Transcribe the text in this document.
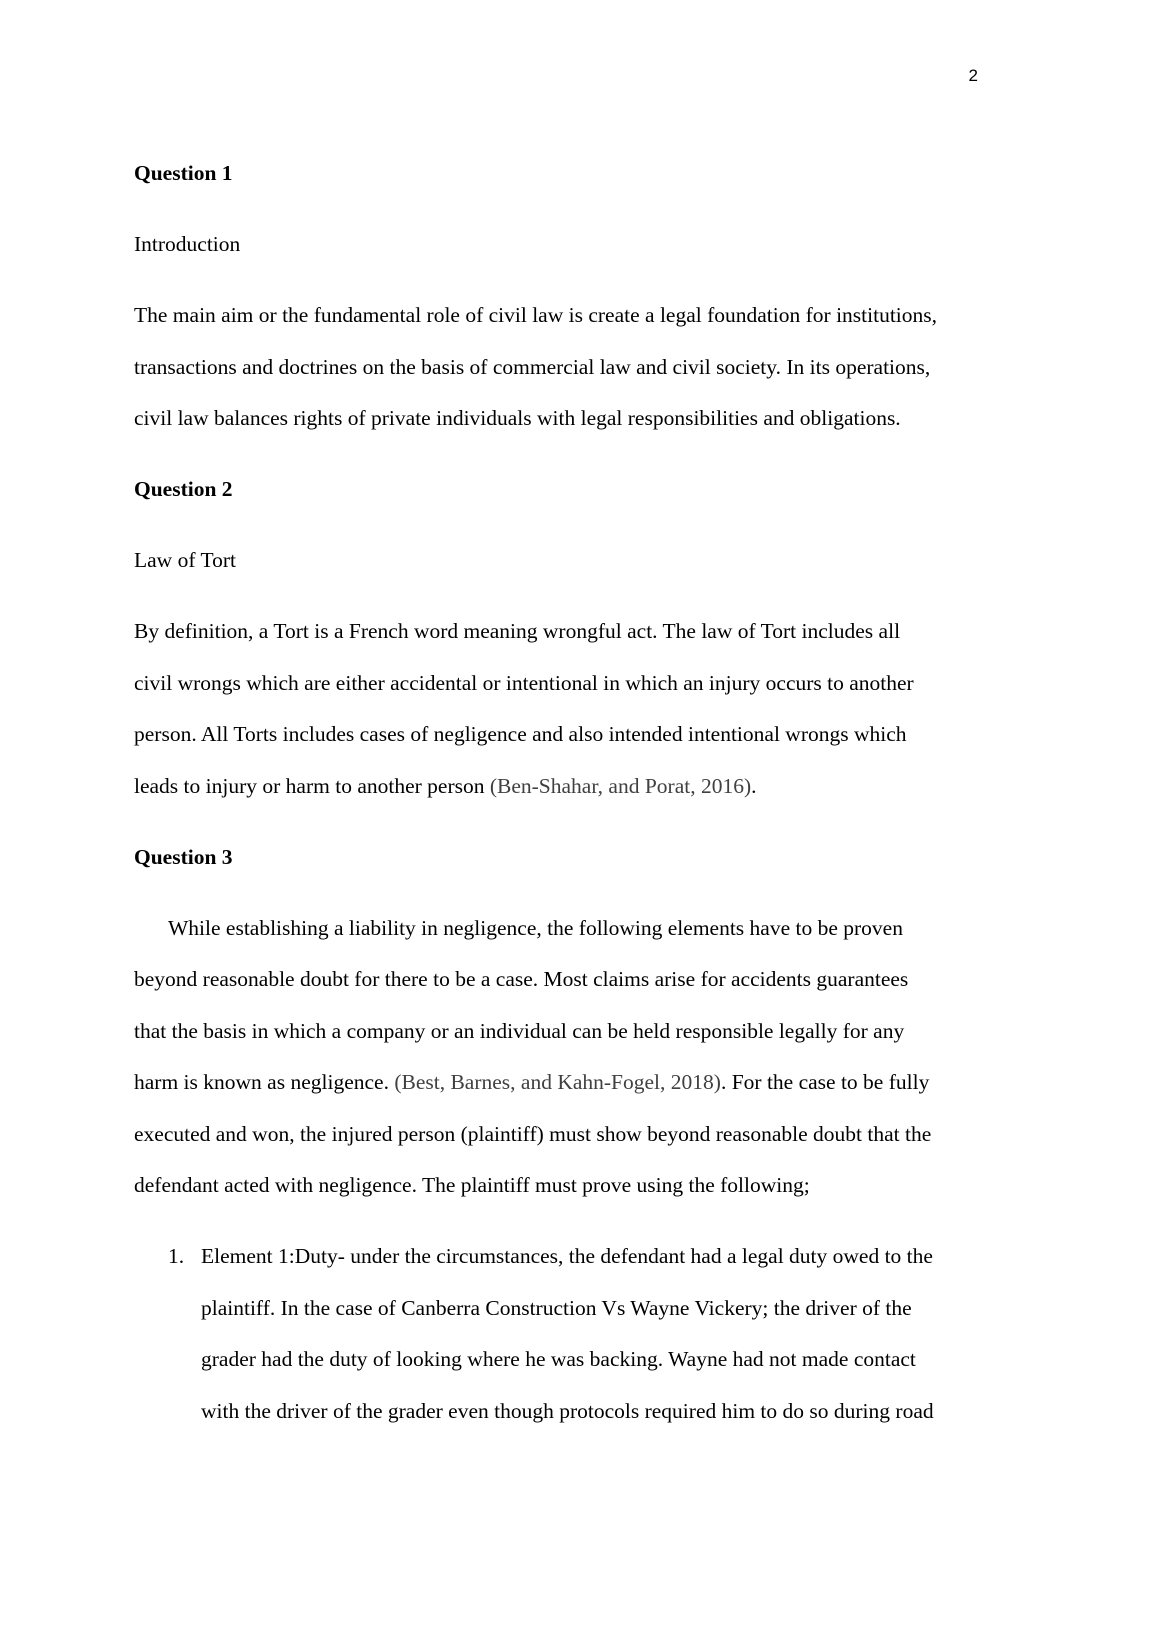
2

Question 1

Introduction

The main aim or the fundamental role of civil law is create a legal foundation for institutions,
transactions and doctrines on the basis of commercial law and civil society. In its operations,
civil law balances rights of private individuals with legal responsibilities and obligations.

Question 2

Law of Tort

By definition, a Tort is a French word meaning wrongful act. The law of Tort includes all
civil wrongs which are either accidental or intentional in which an injury occurs to another
person. All Torts includes cases of negligence and also intended intentional wrongs which
leads to injury or harm to another person (Ben-Shahar, and Porat, 2016).

Question 3

While establishing a liability in negligence, the following elements have to be proven
beyond reasonable doubt for there to be a case. Most claims arise for accidents guarantees
that the basis in which a company or an individual can be held responsible legally for any
harm is known as negligence. (Best, Barnes, and Kahn-Fogel, 2018). For the case to be fully
executed and won, the injured person (plaintiff) must show beyond reasonable doubt that the
defendant acted with negligence. The plaintiff must prove using the following;

1. Element 1:Duty- under the circumstances, the defendant had a legal duty owed to the
plaintiff. In the case of Canberra Construction Vs Wayne Vickery; the driver of the
grader had the duty of looking where he was backing. Wayne had not made contact
with the driver of the grader even though protocols required him to do so during road
